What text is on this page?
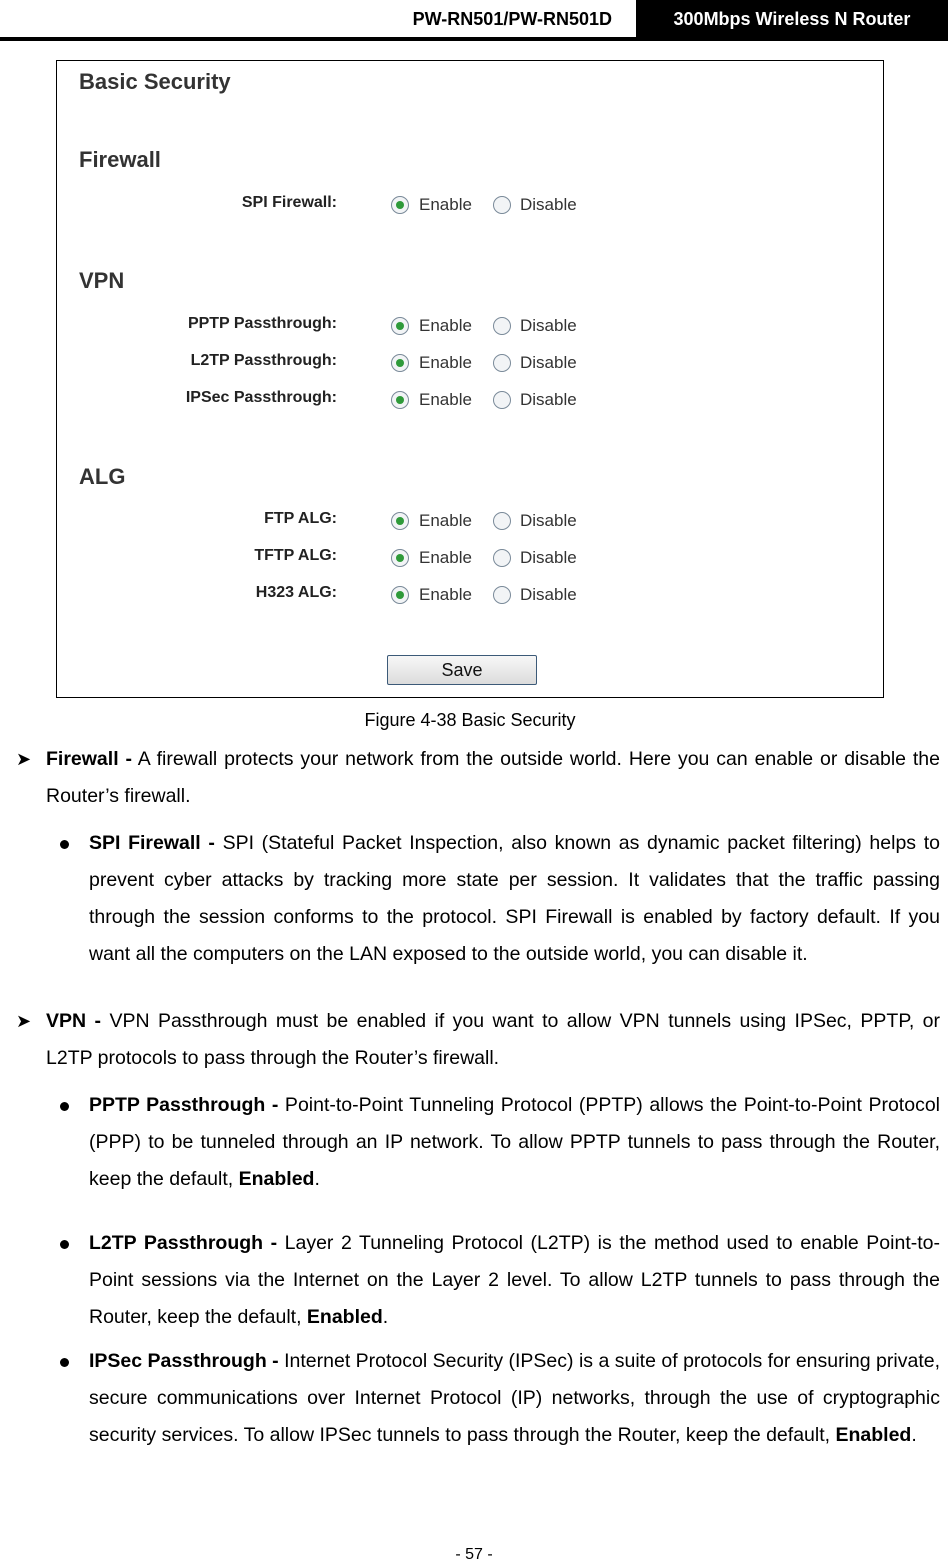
PW-RN501/PW-RN501D	300Mbps Wireless N Router
Basic Security
Firewall
SPI Firewall:	Enable	Disable
VPN
PPTP Passthrough:	Enable	Disable
L2TP Passthrough:	Enable	Disable
IPSec Passthrough:	Enable	Disable
ALG
FTP ALG:	Enable	Disable
TFTP ALG:	Enable	Disable
H323 ALG:	Enable	Disable
Save
Figure 4-38 Basic Security
➤ Firewall - A firewall protects your network from the outside world. Here you can enable or disable the Router’s firewall.
SPI Firewall - SPI (Stateful Packet Inspection, also known as dynamic packet filtering) helps to prevent cyber attacks by tracking more state per session. It validates that the traffic passing through the session conforms to the protocol. SPI Firewall is enabled by factory default. If you want all the computers on the LAN exposed to the outside world, you can disable it.
➤ VPN - VPN Passthrough must be enabled if you want to allow VPN tunnels using IPSec, PPTP, or L2TP protocols to pass through the Router’s firewall.
PPTP Passthrough - Point-to-Point Tunneling Protocol (PPTP) allows the Point-to-Point Protocol (PPP) to be tunneled through an IP network. To allow PPTP tunnels to pass through the Router, keep the default, Enabled.
L2TP Passthrough - Layer 2 Tunneling Protocol (L2TP) is the method used to enable Point-to-Point sessions via the Internet on the Layer 2 level. To allow L2TP tunnels to pass through the Router, keep the default, Enabled.
IPSec Passthrough - Internet Protocol Security (IPSec) is a suite of protocols for ensuring private, secure communications over Internet Protocol (IP) networks, through the use of cryptographic security services. To allow IPSec tunnels to pass through the Router, keep the default, Enabled.
- 57 -
